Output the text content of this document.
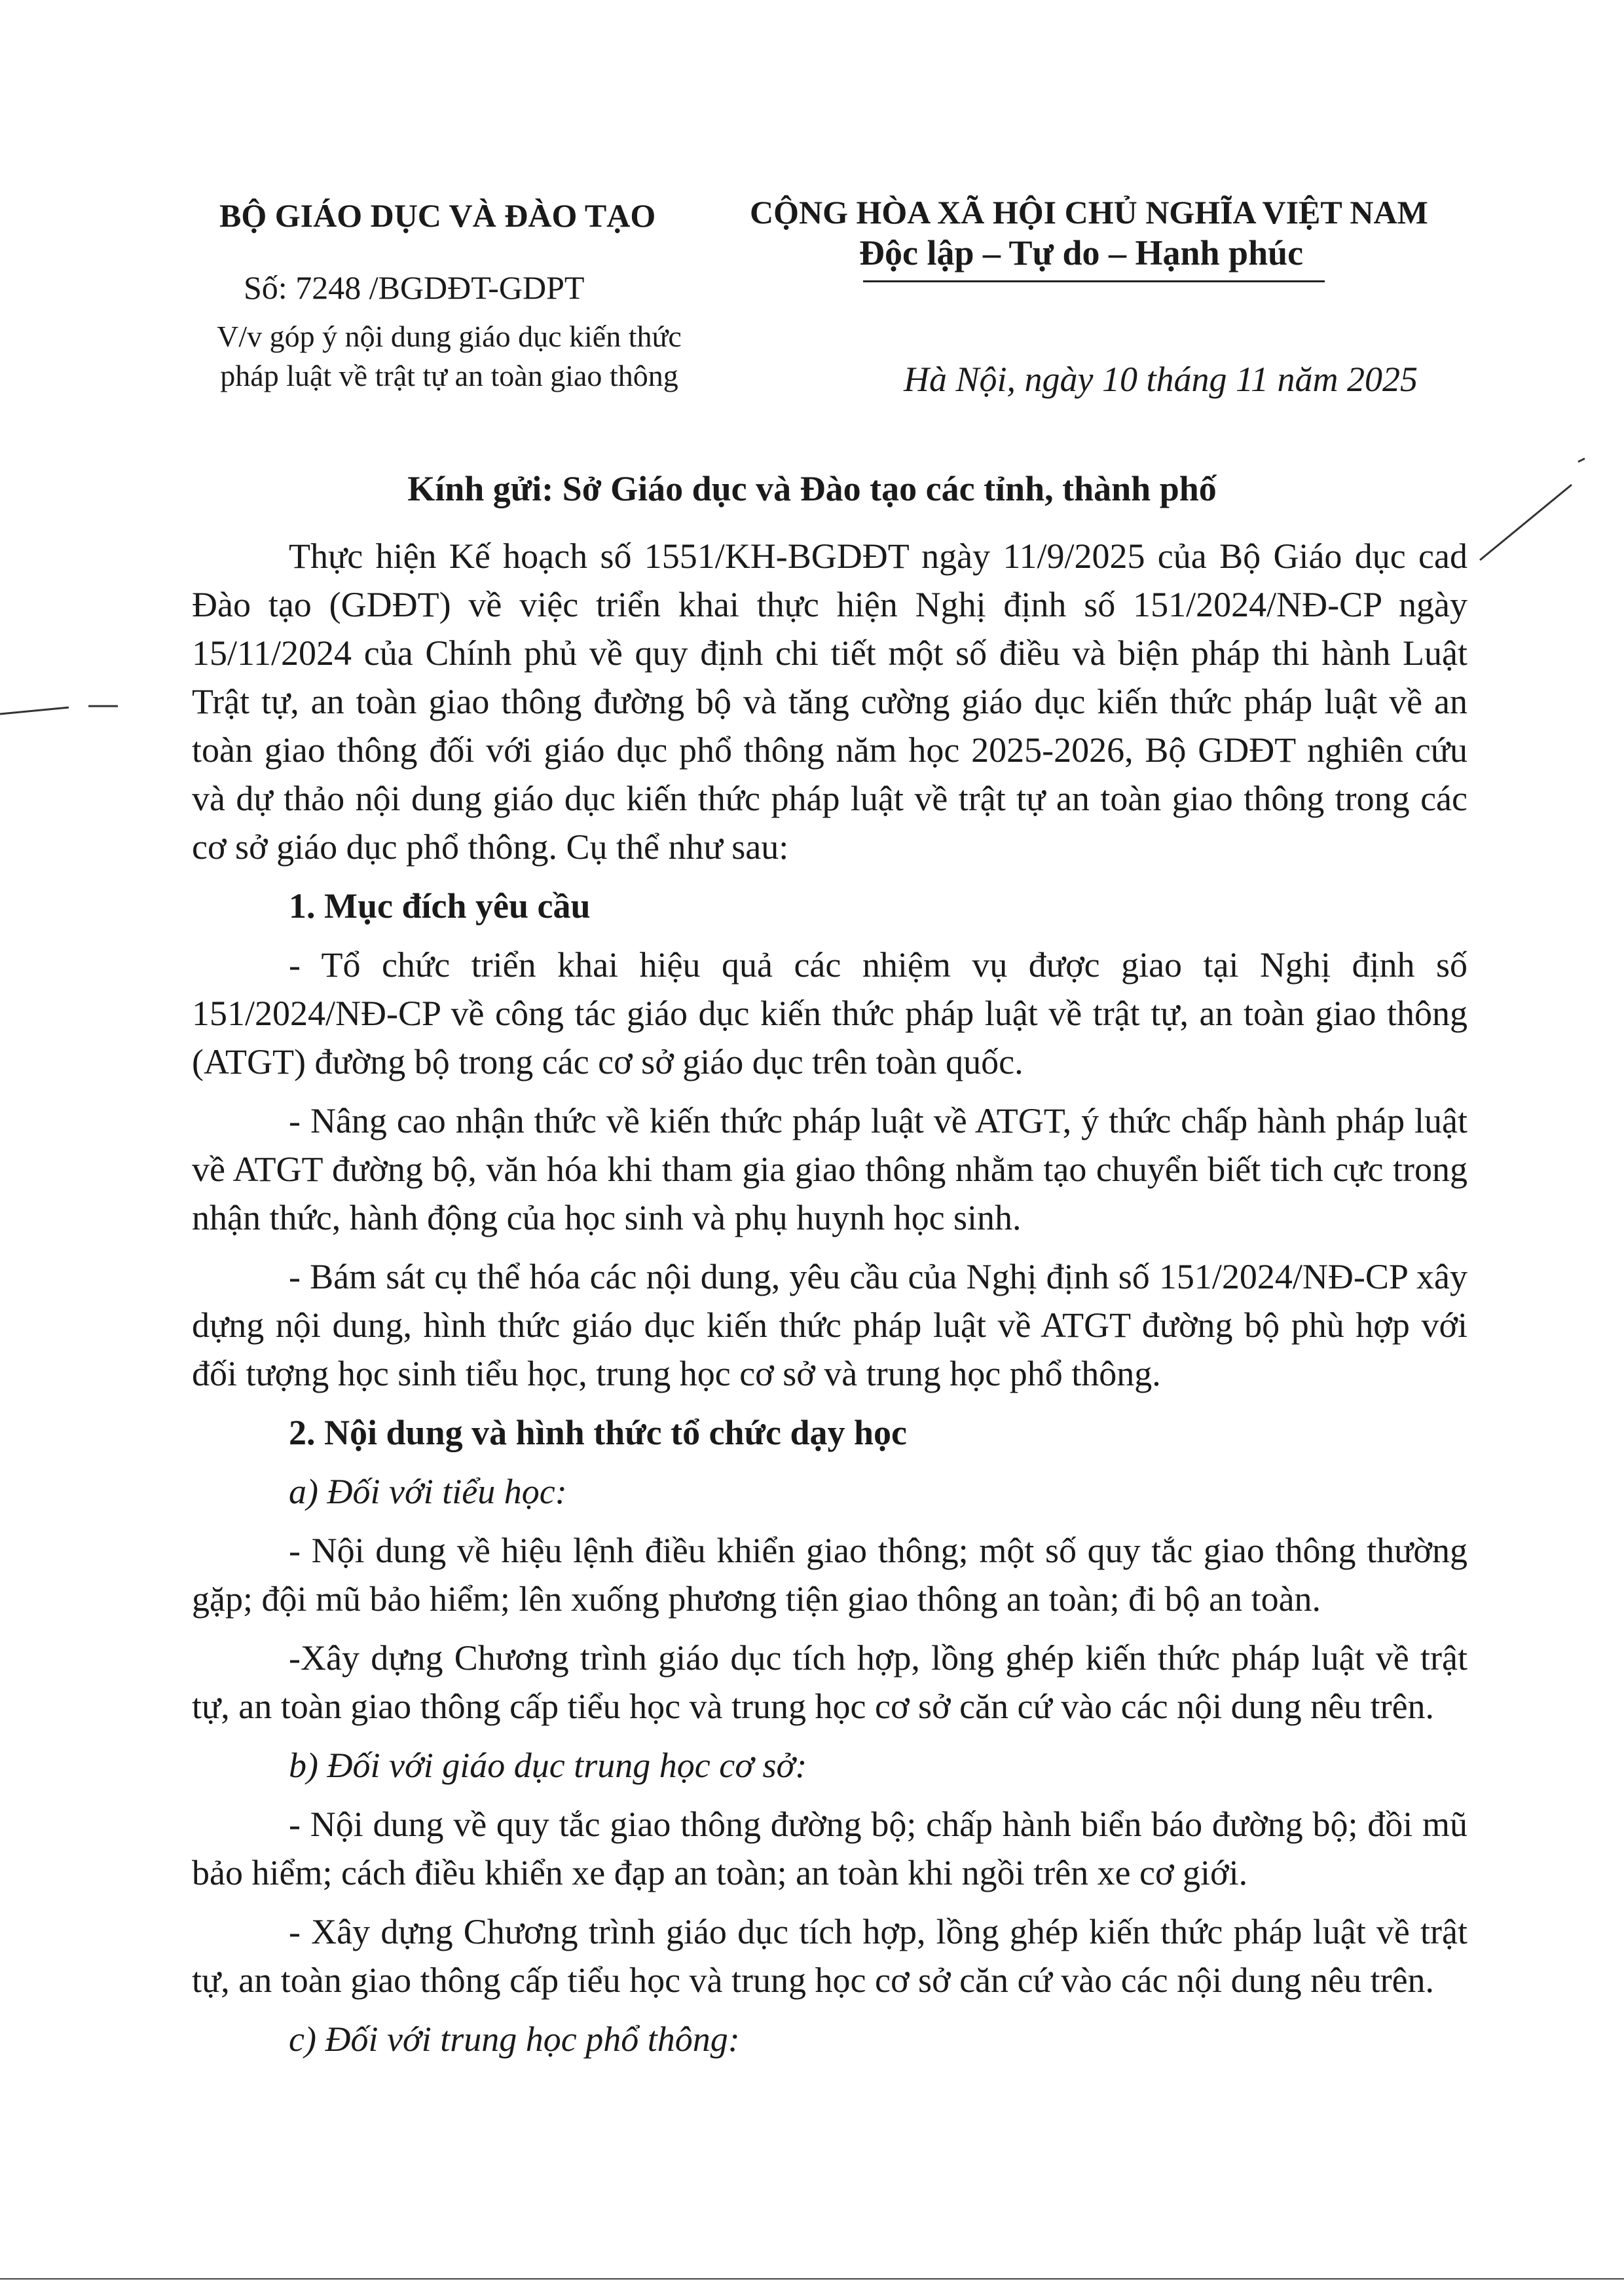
BỘ GIÁO DỤC VÀ ĐÀO TẠO
Số: 7248 /BGDĐT-GDPT
V/v góp ý nội dung giáo dục kiến thức pháp luật về trật tự an toàn giao thông
CỘNG HÒA XÃ HỘI CHỦ NGHĨA VIỆT NAM
Độc lập – Tự do – Hạnh phúc
Hà Nội, ngày 10 tháng 11 năm 2025
Kính gửi: Sở Giáo dục và Đào tạo các tỉnh, thành phố

Thực hiện Kế hoạch số 1551/KH-BGDĐT ngày 11/9/2025 của Bộ Giáo dục cad Đào tạo (GDĐT) về việc triển khai thực hiện Nghị định số 151/2024/NĐ-CP ngày 15/11/2024 của Chính phủ về quy định chi tiết một số điều và biện pháp thi hành Luật Trật tự, an toàn giao thông đường bộ và tăng cường giáo dục kiến thức pháp luật về an toàn giao thông đối với giáo dục phổ thông năm học 2025-2026, Bộ GDĐT nghiên cứu và dự thảo nội dung giáo dục kiến thức pháp luật về trật tự an toàn giao thông trong các cơ sở giáo dục phổ thông. Cụ thể như sau:

1. Mục đích yêu cầu

- Tổ chức triển khai hiệu quả các nhiệm vụ được giao tại Nghị định số 151/2024/NĐ-CP về công tác giáo dục kiến thức pháp luật về trật tự, an toàn giao thông (ATGT) đường bộ trong các cơ sở giáo dục trên toàn quốc.

- Nâng cao nhận thức về kiến thức pháp luật về ATGT, ý thức chấp hành pháp luật về ATGT đường bộ, văn hóa khi tham gia giao thông nhằm tạo chuyển biết tich cực trong nhận thức, hành động của học sinh và phụ huynh học sinh.

- Bám sát cụ thể hóa các nội dung, yêu cầu của Nghị định số 151/2024/NĐ-CP xây dựng nội dung, hình thức giáo dục kiến thức pháp luật về ATGT đường bộ phù hợp với đối tượng học sinh tiểu học, trung học cơ sở và trung học phổ thông.

2. Nội dung và hình thức tổ chức dạy học

a) Đối với tiểu học:

- Nội dung về hiệu lệnh điều khiển giao thông; một số quy tắc giao thông thường gặp; đội mũ bảo hiểm; lên xuống phương tiện giao thông an toàn; đi bộ an toàn.

-Xây dựng Chương trình giáo dục tích hợp, lồng ghép kiến thức pháp luật về trật tự, an toàn giao thông cấp tiểu học và trung học cơ sở căn cứ vào các nội dung nêu trên.

b) Đối với giáo dục trung học cơ sở:

- Nội dung về quy tắc giao thông đường bộ; chấp hành biển báo đường bộ; đồi mũ bảo hiểm; cách điều khiển xe đạp an toàn; an toàn khi ngồi trên xe cơ giới.

- Xây dựng Chương trình giáo dục tích hợp, lồng ghép kiến thức pháp luật về trật tự, an toàn giao thông cấp tiểu học và trung học cơ sở căn cứ vào các nội dung nêu trên.

c) Đối với trung học phổ thông:
